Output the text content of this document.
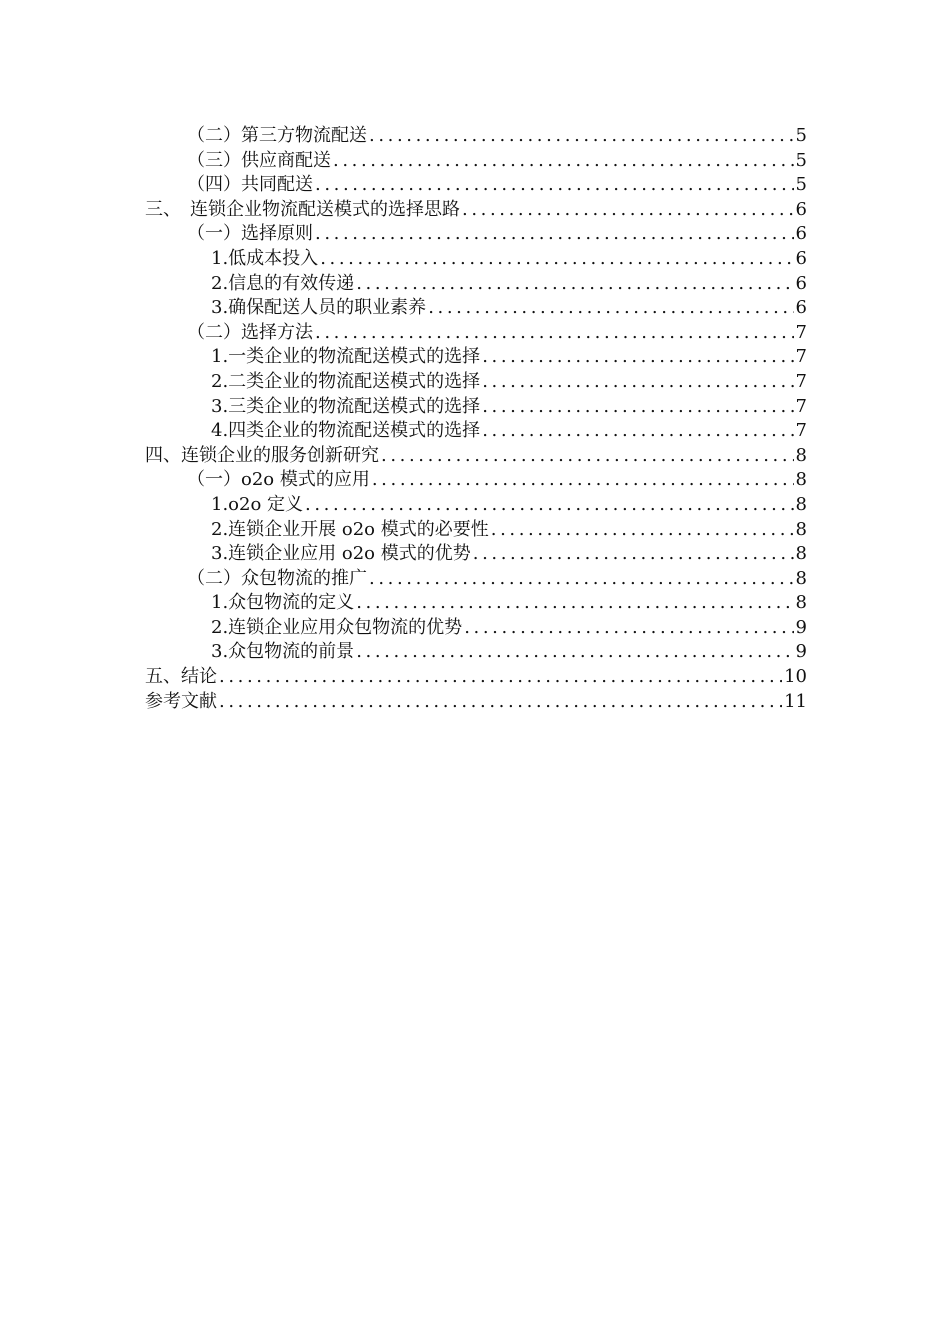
（二）第三方物流配送 .....	5
（三）供应商配送 .....	5
（四）共同配送 .....	5
三、　连锁企业物流配送模式的选择思路 .....	6
（一）选择原则 .....	6
1.低成本投入 .....	6
2.信息的有效传递 .....	6
3.确保配送人员的职业素养 .....	6
（二）选择方法 .....	7
1.一类企业的物流配送模式的选择 .....	7
2.二类企业的物流配送模式的选择 .....	7
3.三类企业的物流配送模式的选择 .....	7
4.四类企业的物流配送模式的选择 .....	7
四、连锁企业的服务创新研究 .....	8
（一）o2o 模式的应用 .....	8
1.o2o 定义 .....	8
2.连锁企业开展 o2o 模式的必要性 .....	8
3.连锁企业应用 o2o 模式的优势 .....	8
（二）众包物流的推广 .....	8
1.众包物流的定义 .....	8
2.连锁企业应用众包物流的优势 .....	9
3.众包物流的前景 .....	9
五、结论 .....	10
参考文献 .....	11
